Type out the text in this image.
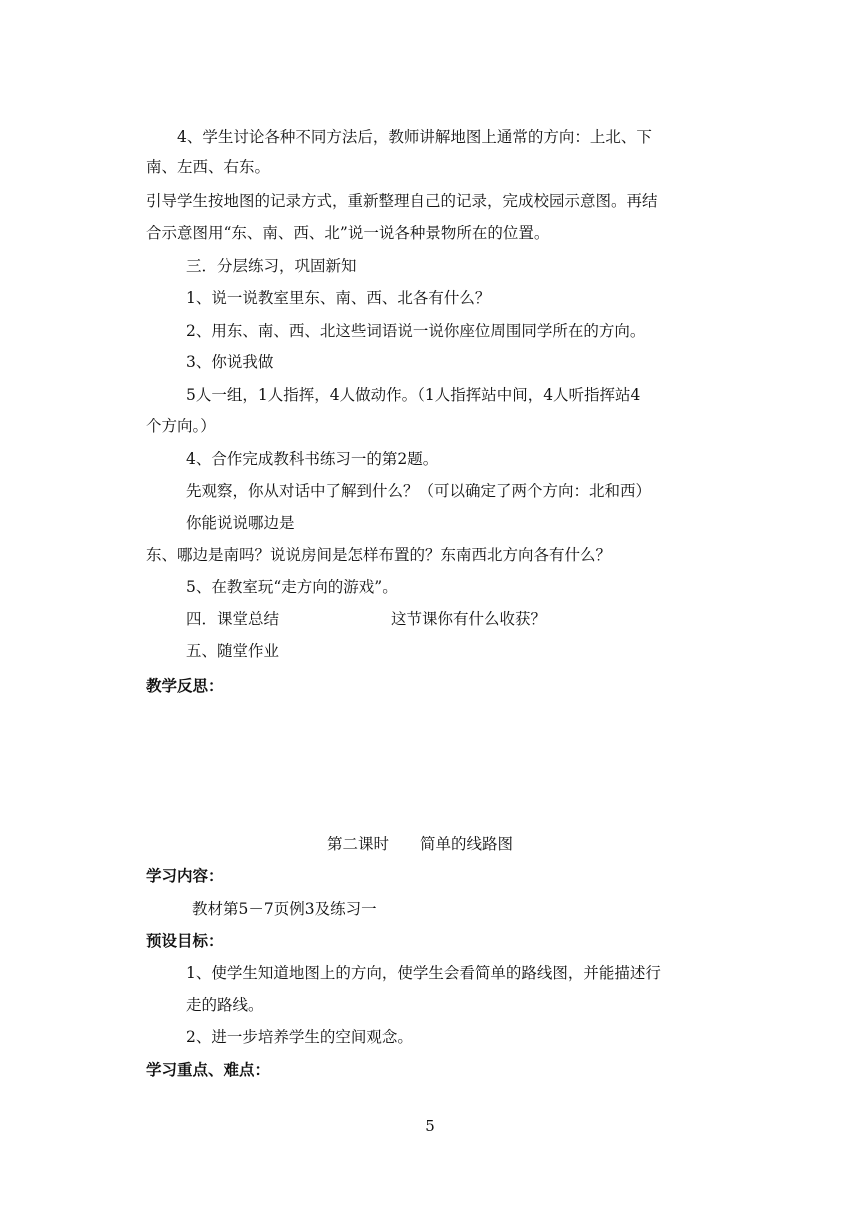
4、学生讨论各种不同方法后，教师讲解地图上通常的方向：上北、下
南、左西、右东。
引导学生按地图的记录方式，重新整理自己的记录，完成校园示意图。再结
合示意图用“东、南、西、北”说一说各种景物所在的位置。
三．分层练习，巩固新知
1、说一说教室里东、南、西、北各有什么？
2、用东、南、西、北这些词语说一说你座位周围同学所在的方向。
3、你说我做
5人一组，1人指挥，4人做动作。（1人指挥站中间，4人听指挥站4
个方向。）
4、合作完成教科书练习一的第2题。
先观察，你从对话中了解到什么？（可以确定了两个方向：北和西）
你能说说哪边是
东、哪边是南吗？说说房间是怎样布置的？东南西北方向各有什么？
5、在教室玩“走方向的游戏”。
四．课堂总结	这节课你有什么收获？
五、随堂作业
教学反思：
第二课时　　简单的线路图
学习内容：
教材第5－7页例3及练习一
预设目标：
1、使学生知道地图上的方向，使学生会看简单的路线图，并能描述行
走的路线。
2、进一步培养学生的空间观念。
学习重点、难点：
5
